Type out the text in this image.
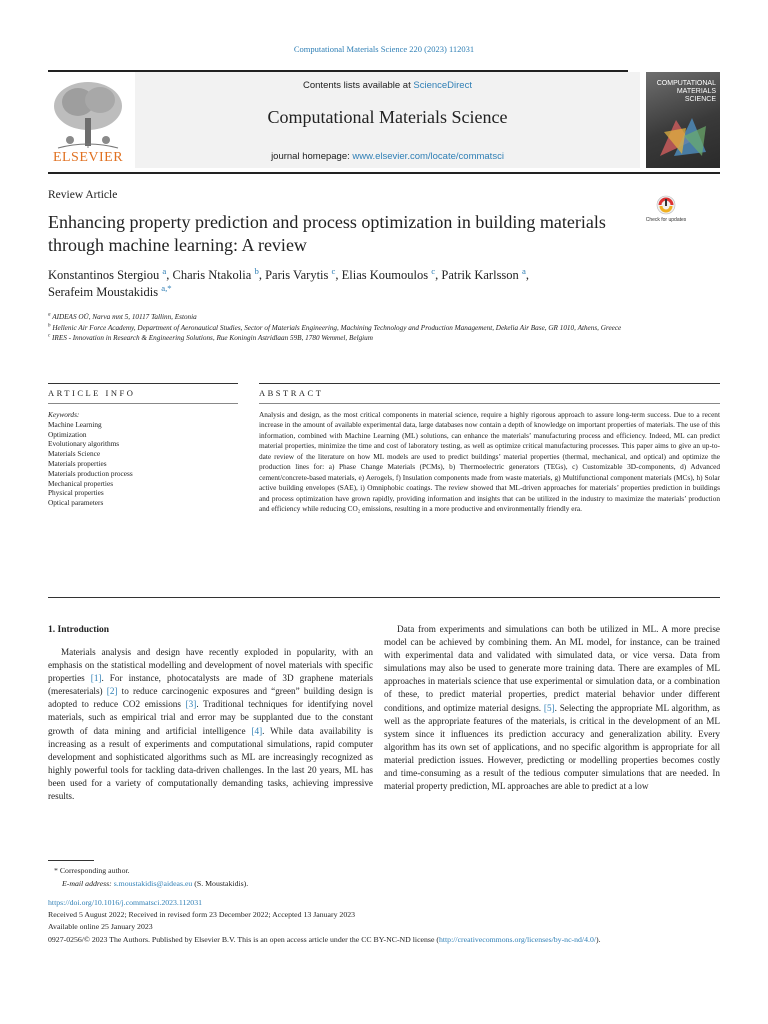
Computational Materials Science 220 (2023) 112031
ELSEVIER
Contents lists available at ScienceDirect
Computational Materials Science
journal homepage: www.elsevier.com/locate/commatsci
COMPUTATIONAL MATERIALS SCIENCE
Review Article
Enhancing property prediction and process optimization in building materials through machine learning: A review
Check for updates
Konstantinos Stergiou $^a$, Charis Ntakolia $^b$, Paris Varytis $^c$, Elias Koumoulos $^c$, Patrik Karlsson $^a$,
Serafeim Moustakidis $^{a,*}$
$^a$ AIDEAS OÜ, Narva mnt 5, 10117 Tallinn, Estonia
$^b$ Hellenic Air Force Academy, Department of Aeronautical Studies, Sector of Materials Engineering, Machining Technology and Production Management, Dekelia Air Base, GR 1010, Athens, Greece
$^c$ IRES - Innovation in Research & Engineering Solutions, Rue Koningin Astridlaan 59B, 1780 Wemmel, Belgium
ARTICLE INFO	ABSTRACT
Keywords:
Machine Learning
Optimization
Evolutionary algorithms
Materials Science
Materials properties
Materials production process
Mechanical properties
Physical properties
Optical parameters
Analysis and design, as the most critical components in material science, require a highly rigorous approach to assure long-term success. Due to a recent increase in the amount of available experimental data, large databases now contain a depth of knowledge on important properties of materials. The use of this information, combined with Machine Learning (ML) solutions, can enhance the materials’ manufacturing process and efficiency. Indeed, ML can predict material properties, minimize the time and cost of laboratory testing, as well as optimize critical manufacturing processes. This paper aims to give an up-to-date review of the literature on how ML models are used to predict buildings’ material properties (thermal, mechanical, and optical) and optimize the production lines for: a) Phase Change Materials (PCMs), b) Thermoelectric generators (TEGs), c) Customizable 3D-components, d) Advanced cement/concrete-based materials, e) Aerogels, f) Insulation components made from waste materials, g) Multifunctional component materials (MCs), h) Solar active building envelopes (SAE), i) Omniphobic coatings. The review showed that ML-driven approaches for materials’ properties prediction in buildings and process optimization have grown rapidly, providing information and insights that can be utilized in the industry to maximize the materials’ production and efficiency while reducing CO₂ emissions, resulting in a more productive and environmentally friendly era.
1. Introduction
Materials analysis and design have recently exploded in popularity, with an emphasis on the statistical modelling and development of novel materials with specific properties [1]. For instance, photocatalysts are made of 3D graphene materials (meresaterials) [2] to reduce carcinogenic exposures and “green” building design is adopted to reduce CO2 emissions [3]. Traditional techniques for identifying novel materials, such as empirical trial and error may be supplanted due to the constant growth of data mining and artificial intelligence [4]. While data availability is increasing as a result of experiments and computational simulations, rapid computer development and sophisticated algorithms such as ML are increasingly recognized as highly powerful tools for tackling data-driven challenges. In the last 20 years, ML has been used for a variety of computationally demanding tasks, achieving impressive results.
Data from experiments and simulations can both be utilized in ML. A more precise model can be achieved by combining them. An ML model, for instance, can be trained with experimental data and validated with simulated data, or vice versa. Data from simulations may also be used to generate more training data. There are examples of ML approaches in materials science that use experimental or simulation data, or a combination of these, to predict material properties, predict material behavior under different conditions, and optimize material designs. [5]. Selecting the appropriate ML algorithm, as well as the appropriate features of the materials, is critical in the development of an ML system since it influences its prediction accuracy and generalization ability. Every algorithm has its own set of applications, and no specific algorithm is appropriate for all material prediction issues. However, predicting or modelling properties becomes costly and time-consuming as a result of the tedious computer simulations that are needed. In material property prediction, ML approaches are able to predict at a low
* Corresponding author.
E-mail address: s.moustakidis@aideas.eu (S. Moustakidis).
https://doi.org/10.1016/j.commatsci.2023.112031
Received 5 August 2022; Received in revised form 23 December 2022; Accepted 13 January 2023
Available online 25 January 2023
0927-0256/© 2023 The Authors. Published by Elsevier B.V. This is an open access article under the CC BY-NC-ND license (http://creativecommons.org/licenses/by-nc-nd/4.0/).
